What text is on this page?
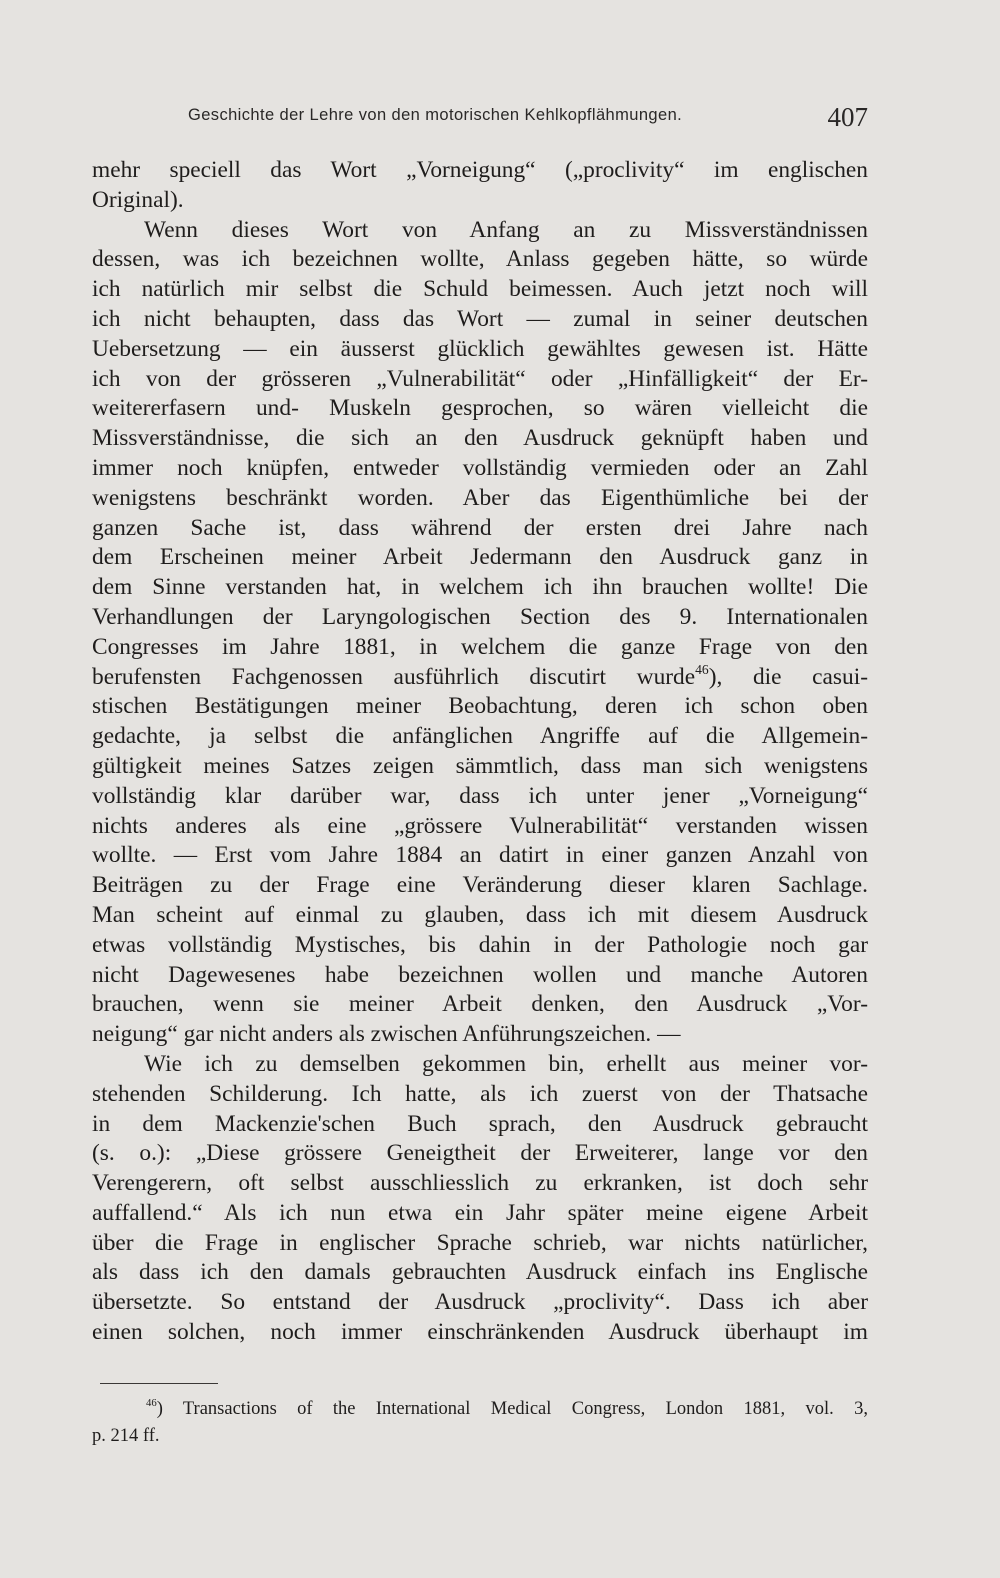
Geschichte der Lehre von den motorischen Kehlkopflähmungen.	407
mehr speciell das Wort „Vorneigung“ („proclivity“ im englischen
Original).
Wenn dieses Wort von Anfang an zu Missverständnissen
dessen, was ich bezeichnen wollte, Anlass gegeben hätte, so würde
ich natürlich mir selbst die Schuld beimessen. Auch jetzt noch will
ich nicht behaupten, dass das Wort — zumal in seiner deutschen
Uebersetzung — ein äusserst glücklich gewähltes gewesen ist. Hätte
ich von der grösseren „Vulnerabilität“ oder „Hinfälligkeit“ der Er-
weitererfasern und- Muskeln gesprochen, so wären vielleicht die
Missverständnisse, die sich an den Ausdruck geknüpft haben und
immer noch knüpfen, entweder vollständig vermieden oder an Zahl
wenigstens beschränkt worden. Aber das Eigenthümliche bei der
ganzen Sache ist, dass während der ersten drei Jahre nach
dem Erscheinen meiner Arbeit Jedermann den Ausdruck ganz in
dem Sinne verstanden hat, in welchem ich ihn brauchen wollte! Die
Verhandlungen der Laryngologischen Section des 9. Internationalen
Congresses im Jahre 1881, in welchem die ganze Frage von den
berufensten Fachgenossen ausführlich discutirt wurde$^{46}$), die casui-
stischen Bestätigungen meiner Beobachtung, deren ich schon oben
gedachte, ja selbst die anfänglichen Angriffe auf die Allgemein-
gültigkeit meines Satzes zeigen sämmtlich, dass man sich wenigstens
vollständig klar darüber war, dass ich unter jener „Vorneigung“
nichts anderes als eine „grössere Vulnerabilität“ verstanden wissen
wollte. — Erst vom Jahre 1884 an datirt in einer ganzen Anzahl von
Beiträgen zu der Frage eine Veränderung dieser klaren Sachlage.
Man scheint auf einmal zu glauben, dass ich mit diesem Ausdruck
etwas vollständig Mystisches, bis dahin in der Pathologie noch gar
nicht Dagewesenes habe bezeichnen wollen und manche Autoren
brauchen, wenn sie meiner Arbeit denken, den Ausdruck „Vor-
neigung“ gar nicht anders als zwischen Anführungszeichen. —
Wie ich zu demselben gekommen bin, erhellt aus meiner vor-
stehenden Schilderung. Ich hatte, als ich zuerst von der Thatsache
in dem Mackenzie'schen Buch sprach, den Ausdruck gebraucht
(s. o.): „Diese grössere Geneigtheit der Erweiterer, lange vor den
Verengerern, oft selbst ausschliesslich zu erkranken, ist doch sehr
auffallend.“ Als ich nun etwa ein Jahr später meine eigene Arbeit
über die Frage in englischer Sprache schrieb, war nichts natürlicher,
als dass ich den damals gebrauchten Ausdruck einfach ins Englische
übersetzte. So entstand der Ausdruck „proclivity“. Dass ich aber
einen solchen, noch immer einschränkenden Ausdruck überhaupt im
$^{46}$) Transactions of the International Medical Congress, London 1881, vol. 3,
p. 214 ff.
